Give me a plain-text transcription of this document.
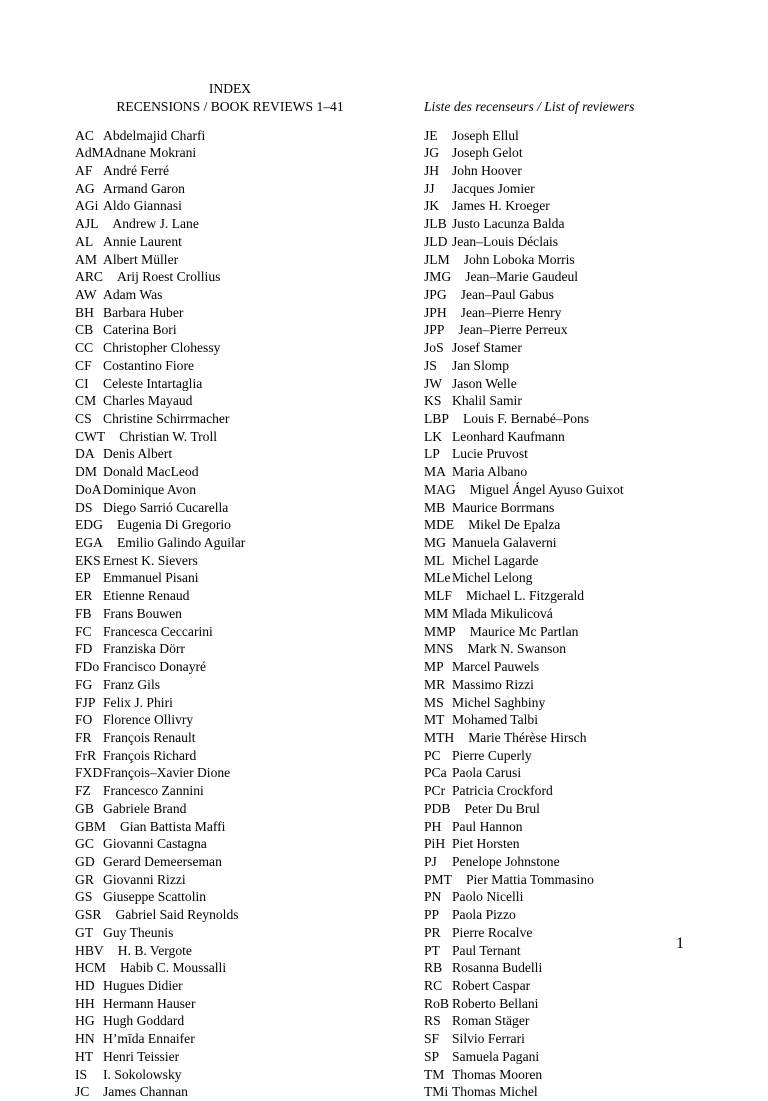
INDEX
RECENSIONS / BOOK REVIEWS 1–41	Liste des recenseurs / List of reviewers
AC Abdelmajid Charfi
AdMAdnane Mokrani
AF André Ferré
AG Armand Garon
AGi Aldo Giannasi
AJL Andrew J. Lane
AL Annie Laurent
AM Albert Müller
ARC Arij Roest Crollius
AW Adam Was
BH Barbara Huber
CB Caterina Bori
CC Christopher Clohessy
CF Costantino Fiore
CI Celeste Intartaglia
CM Charles Mayaud
CS Christine Schirrmacher
CWT Christian W. Troll
DA Denis Albert
DM Donald MacLeod
DoA Dominique Avon
DS Diego Sarrió Cucarella
EDG Eugenia Di Gregorio
EGA Emilio Galindo Aguilar
EKS Ernest K. Sievers
EP Emmanuel Pisani
ER Etienne Renaud
FB Frans Bouwen
FC Francesca Ceccarini
FD Franziska Dörr
FDo Francisco Donayré
FG Franz Gils
FJP Felix J. Phiri
FO Florence Ollivry
FR François Renault
FrR François Richard
FXDFrançois–Xavier Dione
FZ Francesco Zannini
GB Gabriele Brand
GBM Gian Battista Maffi
GC Giovanni Castagna
GD Gerard Demeerseman
GR Giovanni Rizzi
GS Giuseppe Scattolin
GSR Gabriel Said Reynolds
GT Guy Theunis
HBV H. B. Vergote
HCM Habib C. Moussalli
HD Hugues Didier
HH Hermann Hauser
HG Hugh Goddard
HN H’mīda Ennaifer
HT Henri Teissier
IS I. Sokolowsky
JC James Channan
JE Joseph Ellul
JG Joseph Gelot
JH John Hoover
JJ Jacques Jomier
JK James H. Kroeger
JLB Justo Lacunza Balda
JLD Jean–Louis Déclais
JLM John Loboka Morris
JMG Jean–Marie Gaudeul
JPG Jean–Paul Gabus
JPH Jean–Pierre Henry
JPP Jean–Pierre Perreux
JoS Josef Stamer
JS Jan Slomp
JW Jason Welle
KS Khalil Samir
LBP Louis F. Bernabé–Pons
LK Leonhard Kaufmann
LP Lucie Pruvost
MA Maria Albano
MAG Miguel Ángel Ayuso Guixot
MB Maurice Borrmans
MDE Mikel De Epalza
MG Manuela Galaverni
ML Michel Lagarde
MLe Michel Lelong
MLF Michael L. Fitzgerald
MM Mlada Mikulicová
MMP Maurice Mc Partlan
MNS Mark N. Swanson
MP Marcel Pauwels
MR Massimo Rizzi
MS Michel Saghbiny
MT Mohamed Talbi
MTH Marie Thérèse Hirsch
PC Pierre Cuperly
PCa Paola Carusi
PCr Patricia Crockford
PDB Peter Du Brul
PH Paul Hannon
PiH Piet Horsten
PJ Penelope Johnstone
PMT Pier Mattia Tommasino
PN Paolo Nicelli
PP Paola Pizzo
PR Pierre Rocalve
PT Paul Ternant
RB Rosanna Budelli
RC Robert Caspar
RoB Roberto Bellani
RS Roman Stäger
SF Silvio Ferrari
SP Samuela Pagani
TM Thomas Mooren
TMi Thomas Michel
1
